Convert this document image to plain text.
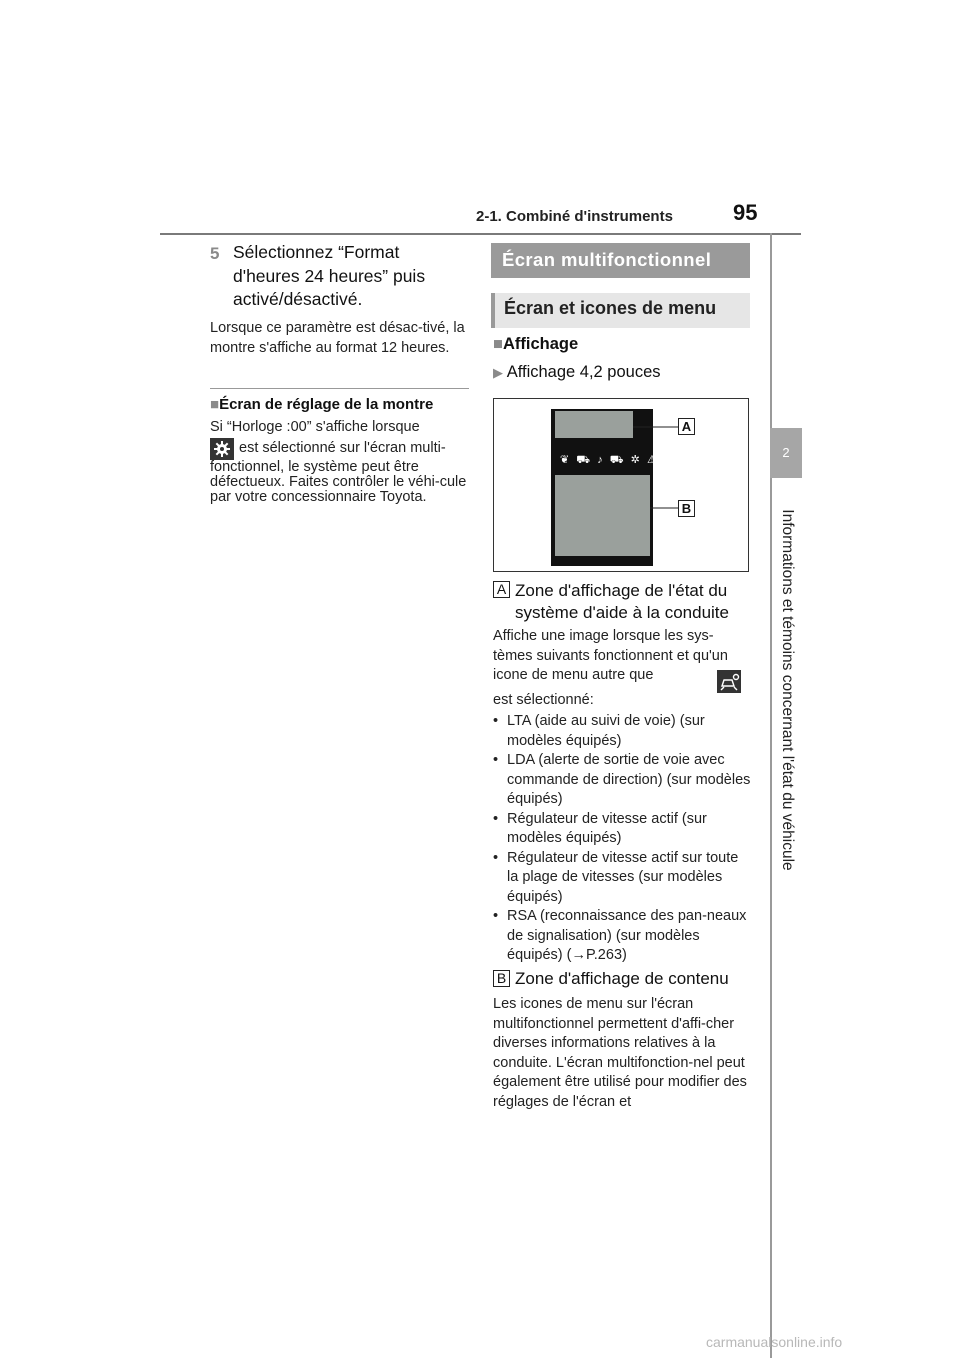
2-1. Combiné d'instruments	95
2
Informations et témoins concernant l'état du véhicule
5 Sélectionnez “Format d'heures 24 heures” puis activé/désactivé.
Lorsque ce paramètre est désac-tivé, la montre s'affiche au format 12 heures.
■Écran de réglage de la montre
Si “Horloge :00” s'affiche lorsque
est sélectionné sur l'écran multi-
fonctionnel, le système peut être défectueux. Faites contrôler le véhi-cule par votre concessionnaire Toyota.
Écran multifonctionnel
Écran et icones de menu
■Affichage
▶ Affichage 4,2 pouces
❦ ⛟ ♪ ⛟ ✲ ⚠
A
B
A Zone d'affichage de l'état du système d'aide à la conduite
Affiche une image lorsque les sys-tèmes suivants fonctionnent et qu'un icone de menu autre que
est sélectionné:
• LTA (aide au suivi de voie) (sur modèles équipés)
• LDA (alerte de sortie de voie avec commande de direction) (sur modèles équipés)
• Régulateur de vitesse actif (sur modèles équipés)
• Régulateur de vitesse actif sur toute la plage de vitesses (sur modèles équipés)
• RSA (reconnaissance des pan-neaux de signalisation) (sur modèles équipés) (→P.263)
B Zone d'affichage de contenu
Les icones de menu sur l'écran multifonctionnel permettent d'affi-cher diverses informations relatives à la conduite. L'écran multifonction-nel peut également être utilisé pour modifier des réglages de l'écran et
carmanualsonline.info
